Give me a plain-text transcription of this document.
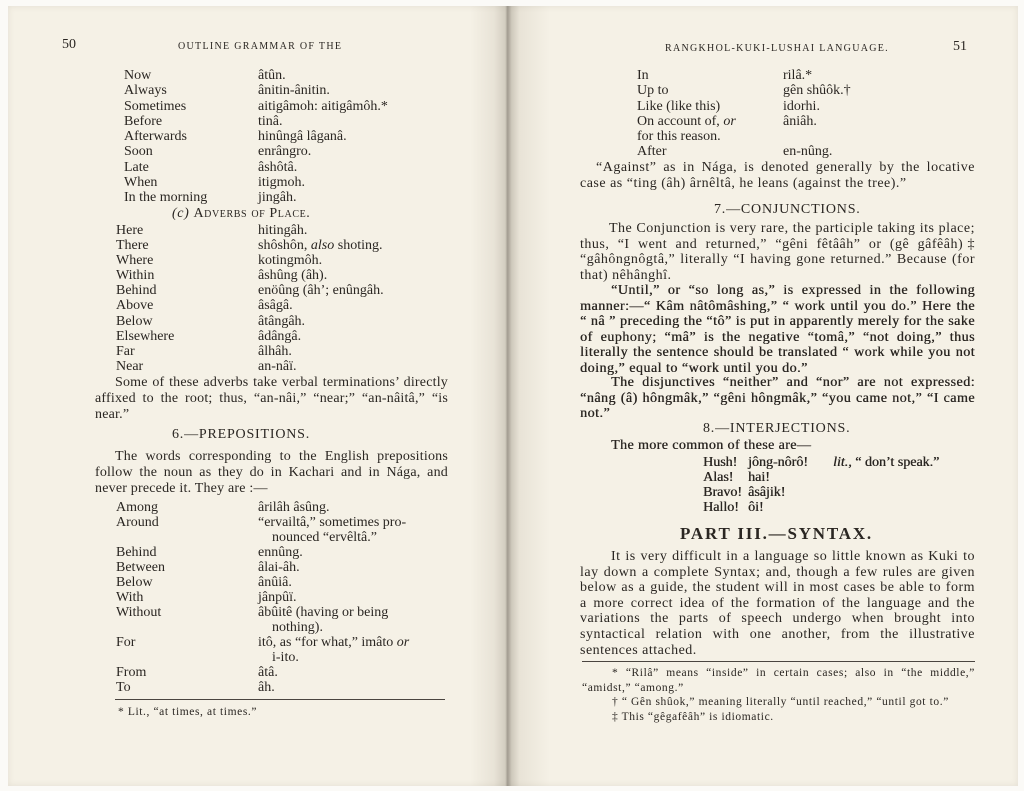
50	OUTLINE GRAMMAR OF THE
Now	âtûn.
Always	ânitin-ânitin.
Sometimes	aitigâmoh: aitigâmôh.*
Before	tinâ.
Afterwards	hinûngâ lâganâ.
Soon	enrângro.
Late	âshôtâ.
When	itigmoh.
In the morning	jingâh.
(c) Adverbs of Place.
Here	hitingâh.
There	shôshôn, also shoting.
Where	kotingmôh.
Within	âshûng (âh).
Behind	enöûng (âh’; enûngâh.
Above	âsâgâ.
Below	âtângâh.
Elsewhere	âdângâ.
Far	âlhâh.
Near	an-nâï.

Some of these adverbs take verbal terminations’ directly affixed to the root; thus, “an-nâi,” “near;” “an-nâitâ,” “is near.”

6.—PREPOSITIONS.

The words corresponding to the English prepositions follow the noun as they do in Kachari and in Nága, and never precede it. They are :—

Among	ârilâh âsûng.
Around	“ervailtâ,” sometimes pro-
nounced “ervêltâ.”
Behind	ennûng.
Between	âlai-âh.
Below	ânûiâ.
With	jânpûï.
Without	âbûitê (having or being
nothing).
For	itô, as “for what,” imâto or
i-ito.
From	âtâ.
To	âh.
* Lit., “at times, at times.”
RANGKHOL-KUKI-LUSHAI LANGUAGE.	51
In	rilâ.*
Up to	gên shûôk.†
Like (like this)	idorhi.
On account of, or	âniâh.
for this reason.
After	en-nûng.

“Against” as in Nága, is denoted generally by the locative case as “ting (âh) ârnêltâ, he leans (against the tree).”

7.—CONJUNCTIONS.

The Conjunction is very rare, the participle taking its place; thus, “I went and returned,” “gêni fêtââh” or (gê gâfêâh)‡ “gâhôngnôgtâ,” literally “I having gone returned.” Because (for that) nêhânghî.

“Until,” or “so long as,” is expressed in the following manner:—“ Kâm nâtômâshing,” “ work until you do.” Here the “ nâ ” preceding the “tô” is put in apparently merely for the sake of euphony; “mâ” is the negative “tomâ,” “not doing,” thus literally the sentence should be translated “ work while you not doing,” equal to “work until you do.”

The disjunctives “neither” and “nor” are not expressed: “nâng (â) hôngmâk,” “gêni hôngmâk,” “you came not,” “I came not.”

8.—INTERJECTIONS.
The more common of these are—
Hush! jông-nôrô! lit., “ don’t speak.”
Alas! hai!
Bravo! âsâjik!
Hallo! ôi!
PART III.—SYNTAX.

It is very difficult in a language so little known as Kuki to lay down a complete Syntax; and, though a few rules are given below as a guide, the student will in most cases be able to form a more correct idea of the formation of the language and the variations the parts of speech undergo when brought into syntactical relation with one another, from the illustrative sentences attached.

* “Rilâ” means “inside” in certain cases; also in “the middle,” “amidst,” “among.”

† “ Gên shûok,” meaning literally “until reached,” “until got to.”

‡ This “gêgafêâh” is idiomatic.
